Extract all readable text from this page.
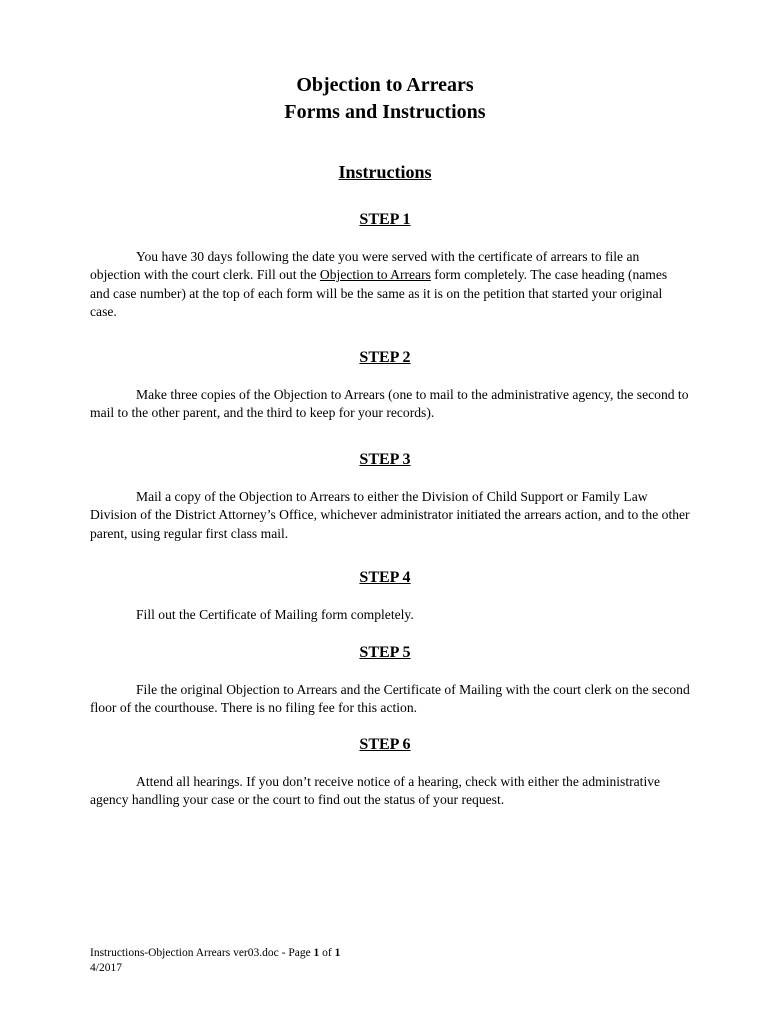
Objection to Arrears
Forms and Instructions
Instructions
STEP 1
You have 30 days following the date you were served with the certificate of arrears to file an objection with the court clerk. Fill out the Objection to Arrears form completely. The case heading (names and case number) at the top of each form will be the same as it is on the petition that started your original case.
STEP 2
Make three copies of the Objection to Arrears (one to mail to the administrative agency, the second to mail to the other parent, and the third to keep for your records).
STEP 3
Mail a copy of the Objection to Arrears to either the Division of Child Support or Family Law Division of the District Attorney’s Office, whichever administrator initiated the arrears action, and to the other parent, using regular first class mail.
STEP 4
Fill out the Certificate of Mailing form completely.
STEP 5
File the original Objection to Arrears and the Certificate of Mailing with the court clerk on the second floor of the courthouse. There is no filing fee for this action.
STEP 6
Attend all hearings. If you don’t receive notice of a hearing, check with either the administrative agency handling your case or the court to find out the status of your request.
Instructions-Objection Arrears ver03.doc - Page 1 of 1
4/2017
